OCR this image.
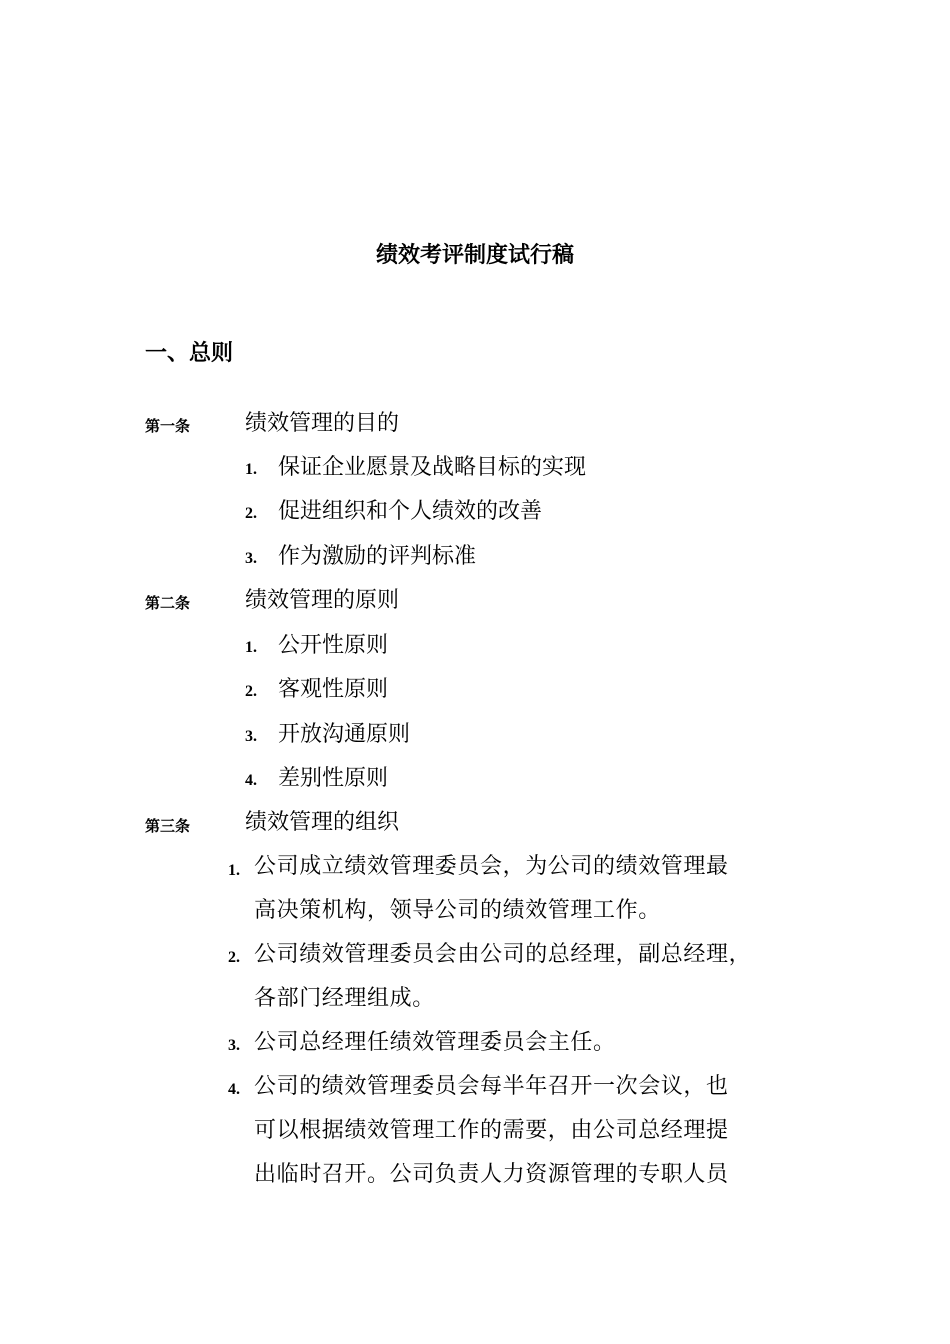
绩效考评制度试行稿
一、总则
第一条 绩效管理的目的
1. 保证企业愿景及战略目标的实现
2. 促进组织和个人绩效的改善
3. 作为激励的评判标准
第二条 绩效管理的原则
1. 公开性原则
2. 客观性原则
3. 开放沟通原则
4. 差别性原则
第三条 绩效管理的组织
1. 公司成立绩效管理委员会，为公司的绩效管理最
高决策机构，领导公司的绩效管理工作。
2. 公司绩效管理委员会由公司的总经理，副总经理，
各部门经理组成。
3. 公司总经理任绩效管理委员会主任。
4. 公司的绩效管理委员会每半年召开一次会议，也
可以根据绩效管理工作的需要，由公司总经理提
出临时召开。公司负责人力资源管理的专职人员
